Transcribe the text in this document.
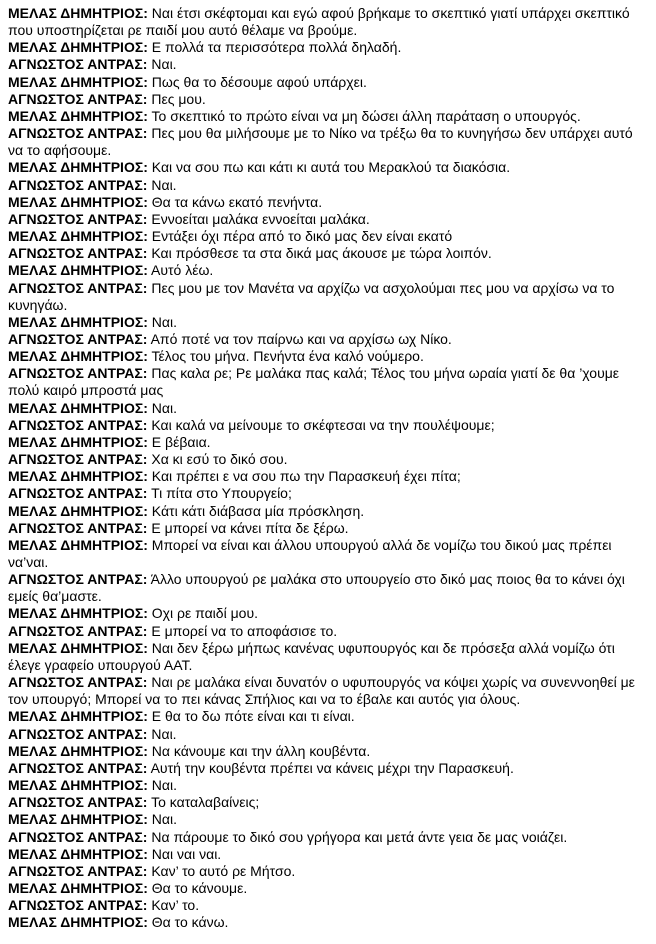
ΜΕΛΑΣ ΔΗΜΗΤΡΙΟΣ: Ναι έτσι σκέφτομαι και εγώ αφού βρήκαμε το σκεπτικό γιατί υπάρχει σκεπτικό που υποστηρίζεται ρε παιδί μου αυτό θέλαμε να βρούμε.

ΜΕΛΑΣ ΔΗΜΗΤΡΙΟΣ: Ε πολλά τα περισσότερα πολλά δηλαδή.

ΑΓΝΩΣΤΟΣ ΑΝΤΡΑΣ: Ναι.

ΜΕΛΑΣ ΔΗΜΗΤΡΙΟΣ: Πως θα το δέσουμε αφού υπάρχει.

ΑΓΝΩΣΤΟΣ ΑΝΤΡΑΣ: Πες μου.

ΜΕΛΑΣ ΔΗΜΗΤΡΙΟΣ: Το σκεπτικό το πρώτο είναι να μη δώσει άλλη παράταση ο υπουργός.

ΑΓΝΩΣΤΟΣ ΑΝΤΡΑΣ: Πες μου θα μιλήσουμε με το Νίκο να τρέξω θα το κυνηγήσω δεν υπάρχει αυτό να το αφήσουμε.

ΜΕΛΑΣ ΔΗΜΗΤΡΙΟΣ: Και να σου πω και κάτι κι αυτά του Μερακλού τα διακόσια.

ΑΓΝΩΣΤΟΣ ΑΝΤΡΑΣ: Ναι.

ΜΕΛΑΣ ΔΗΜΗΤΡΙΟΣ: Θα τα κάνω εκατό πενήντα.

ΑΓΝΩΣΤΟΣ ΑΝΤΡΑΣ: Εννοείται μαλάκα εννοείται μαλάκα.

ΜΕΛΑΣ ΔΗΜΗΤΡΙΟΣ: Εντάξει όχι πέρα από το δικό μας δεν είναι εκατό

ΑΓΝΩΣΤΟΣ ΑΝΤΡΑΣ: Και πρόσθεσε τα στα δικά μας άκουσε με τώρα λοιπόν.

ΜΕΛΑΣ ΔΗΜΗΤΡΙΟΣ: Αυτό λέω.

ΑΓΝΩΣΤΟΣ ΑΝΤΡΑΣ: Πες μου με τον Μανέτα να αρχίζω να ασχολούμαι πες μου να αρχίσω να το κυνηγάω.

ΜΕΛΑΣ ΔΗΜΗΤΡΙΟΣ: Ναι.

ΑΓΝΩΣΤΟΣ ΑΝΤΡΑΣ: Από ποτέ να τον παίρνω και να αρχίσω ωχ Νίκο.

ΜΕΛΑΣ ΔΗΜΗΤΡΙΟΣ: Τέλος του μήνα. Πενήντα ένα καλό νούμερο.

ΑΓΝΩΣΤΟΣ ΑΝΤΡΑΣ: Πας καλα ρε; Ρε μαλάκα πας καλά; Τέλος του μήνα ωραία γιατί δε θα ’χουμε πολύ καιρό μπροστά μας

ΜΕΛΑΣ ΔΗΜΗΤΡΙΟΣ: Ναι.

ΑΓΝΩΣΤΟΣ ΑΝΤΡΑΣ: Και καλά να μείνουμε το σκέφτεσαι να την πουλέψουμε;

ΜΕΛΑΣ ΔΗΜΗΤΡΙΟΣ: Ε βέβαια.

ΑΓΝΩΣΤΟΣ ΑΝΤΡΑΣ: Χα κι εσύ το δικό σου.

ΜΕΛΑΣ ΔΗΜΗΤΡΙΟΣ: Και πρέπει ε να σου πω την Παρασκευή έχει πίτα;

ΑΓΝΩΣΤΟΣ ΑΝΤΡΑΣ: Τι πίτα στο Υπουργείο;

ΜΕΛΑΣ ΔΗΜΗΤΡΙΟΣ: Κάτι κάτι διάβασα μία πρόσκληση.

ΑΓΝΩΣΤΟΣ ΑΝΤΡΑΣ: Ε μπορεί να κάνει πίτα δε ξέρω.

ΜΕΛΑΣ ΔΗΜΗΤΡΙΟΣ: Μπορεί να είναι και άλλου υπουργού αλλά δε νομίζω του δικού μας πρέπει να’ναι.

ΑΓΝΩΣΤΟΣ ΑΝΤΡΑΣ: Άλλο υπουργού ρε μαλάκα στο υπουργείο στο δικό μας ποιος θα το κάνει όχι εμείς θα’μαστε.

ΜΕΛΑΣ ΔΗΜΗΤΡΙΟΣ: Οχι ρε παιδί μου.

ΑΓΝΩΣΤΟΣ ΑΝΤΡΑΣ: Ε μπορεί να το αποφάσισε το.

ΜΕΛΑΣ ΔΗΜΗΤΡΙΟΣ: Ναι δεν ξέρω μήπως κανένας υφυπουργός και δε πρόσεξα αλλά νομίζω ότι έλεγε γραφείο υπουργού ΑΑΤ.

ΑΓΝΩΣΤΟΣ ΑΝΤΡΑΣ: Ναι ρε μαλάκα είναι δυνατόν ο υφυπουργός να κόψει χωρίς να συνεννοηθεί με τον υπουργό; Μπορεί να το πει κάνας Σπήλιος και να το έβαλε και αυτός για όλους.

ΜΕΛΑΣ ΔΗΜΗΤΡΙΟΣ: Ε θα το δω πότε είναι και τι είναι.

ΑΓΝΩΣΤΟΣ ΑΝΤΡΑΣ: Ναι.

ΜΕΛΑΣ ΔΗΜΗΤΡΙΟΣ: Να κάνουμε και την άλλη κουβέντα.

ΑΓΝΩΣΤΟΣ ΑΝΤΡΑΣ: Αυτή την κουβέντα πρέπει να κάνεις μέχρι την Παρασκευή.

ΜΕΛΑΣ ΔΗΜΗΤΡΙΟΣ: Ναι.

ΑΓΝΩΣΤΟΣ ΑΝΤΡΑΣ: Το καταλαβαίνεις;

ΜΕΛΑΣ ΔΗΜΗΤΡΙΟΣ: Ναι.

ΑΓΝΩΣΤΟΣ ΑΝΤΡΑΣ: Να πάρουμε το δικό σου γρήγορα και μετά άντε γεια δε μας νοιάζει.

ΜΕΛΑΣ ΔΗΜΗΤΡΙΟΣ: Ναι ναι ναι.

ΑΓΝΩΣΤΟΣ ΑΝΤΡΑΣ: Καν’ το αυτό ρε Μήτσο.

ΜΕΛΑΣ ΔΗΜΗΤΡΙΟΣ: Θα το κάνουμε.

ΑΓΝΩΣΤΟΣ ΑΝΤΡΑΣ: Καν’ το.

ΜΕΛΑΣ ΔΗΜΗΤΡΙΟΣ: Θα το κάνω.
